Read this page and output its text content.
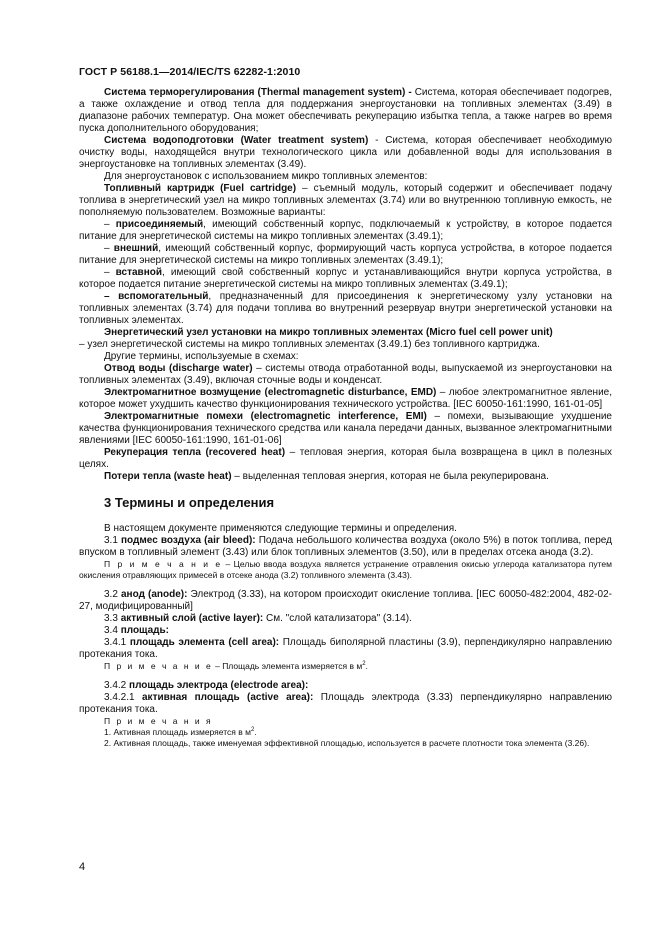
ГОСТ Р 56188.1—2014/IEC/TS 62282-1:2010

Система терморегулирования (Thermal management system) - Система, которая обеспечивает подогрев, а также охлаждение и отвод тепла для поддержания энергоустановки на топливных элементах (3.49) в диапазоне рабочих температур. Она может обеспечивать рекуперацию избытка тепла, а также нагрев во время пуска дополнительного оборудования;

Система водоподготовки (Water treatment system) - Система, которая обеспечивает необходимую очистку воды, находящейся внутри технологического цикла или добавленной воды для использования в энергоустановке на топливных элементах (3.49).

Для энергоустановок с использованием микро топливных элементов:

Топливный картридж (Fuel cartridge) – съемный модуль, который содержит и обеспечивает подачу топлива в энергетический узел на микро топливных элементах (3.74) или во внутреннюю топливную емкость, не пополняемую пользователем. Возможные варианты:

– присоединяемый, имеющий собственный корпус, подключаемый к устройству, в которое подается питание для энергетической системы на микро топливных элементах (3.49.1);

– внешний, имеющий собственный корпус, формирующий часть корпуса устройства, в которое подается питание для энергетической системы на микро топливных элементах (3.49.1);

– вставной, имеющий свой собственный корпус и устанавливающийся внутри корпуса устройства, в которое подается питание энергетической системы на микро топливных элементах (3.49.1);

– вспомогательный, предназначенный для присоединения к энергетическому узлу установки на топливных элементах (3.74) для подачи топлива во внутренний резервуар внутри энергетической установки на топливных элементах.

Энергетический узел установки на микро топливных элементах (Micro fuel cell power unit)

– узел энергетической системы на микро топливных элементах (3.49.1) без топливного картриджа.

Другие термины, используемые в схемах:

Отвод воды (discharge water) – системы отвода отработанной воды, выпускаемой из энергоустановки на топливных элементах (3.49), включая сточные воды и конденсат.

Электромагнитное возмущение (electromagnetic disturbance, EMD) – любое электромагнитное явление, которое может ухудшить качество функционирования технического устройства. [IEC 60050-161:1990, 161-01-05]

Электромагнитные помехи (electromagnetic interference, EMI) – помехи, вызывающие ухудшение качества функционирования технического средства или канала передачи данных, вызванное электромагнитными явлениями [IEC 60050-161:1990, 161-01-06]

Рекуперация тепла (recovered heat) – тепловая энергия, которая была возвращена в цикл в полезных целях.

Потери тепла (waste heat) – выделенная тепловая энергия, которая не была рекуперирована.

3 Термины и определения

В настоящем документе применяются следующие термины и определения.

3.1 подмес воздуха (air bleed): Подача небольшого количества воздуха (около 5%) в поток топлива, перед впуском в топливный элемент (3.43) или блок топливных элементов (3.50), или в пределах отсека анода (3.2).

П р и м е ч а н и е – Целью ввода воздуха является устранение отравления окисью углерода катализатора путем окисления отравляющих примесей в отсеке анода (3.2) топливного элемента (3.43).

3.2 анод (anode): Электрод (3.33), на котором происходит окисление топлива. [IEC 60050-482:2004, 482-02-27, модифицированный]

3.3 активный слой (active layer): См. "слой катализатора" (3.14).

3.4 площадь:

3.4.1 площадь элемента (cell area): Площадь биполярной пластины (3.9), перпендикулярно направлению протекания тока.

П р и м е ч а н и е – Площадь элемента измеряется в $м^2$.

3.4.2 площадь электрода (electrode area):

3.4.2.1 активная площадь (active area): Площадь электрода (3.33) перпендикулярно направлению протекания тока.

П р и м е ч а н и я

1. Активная площадь измеряется в $м^2$.

2. Активная площадь, также именуемая эффективной площадью, используется в расчете плотности тока элемента (3.26).

4
